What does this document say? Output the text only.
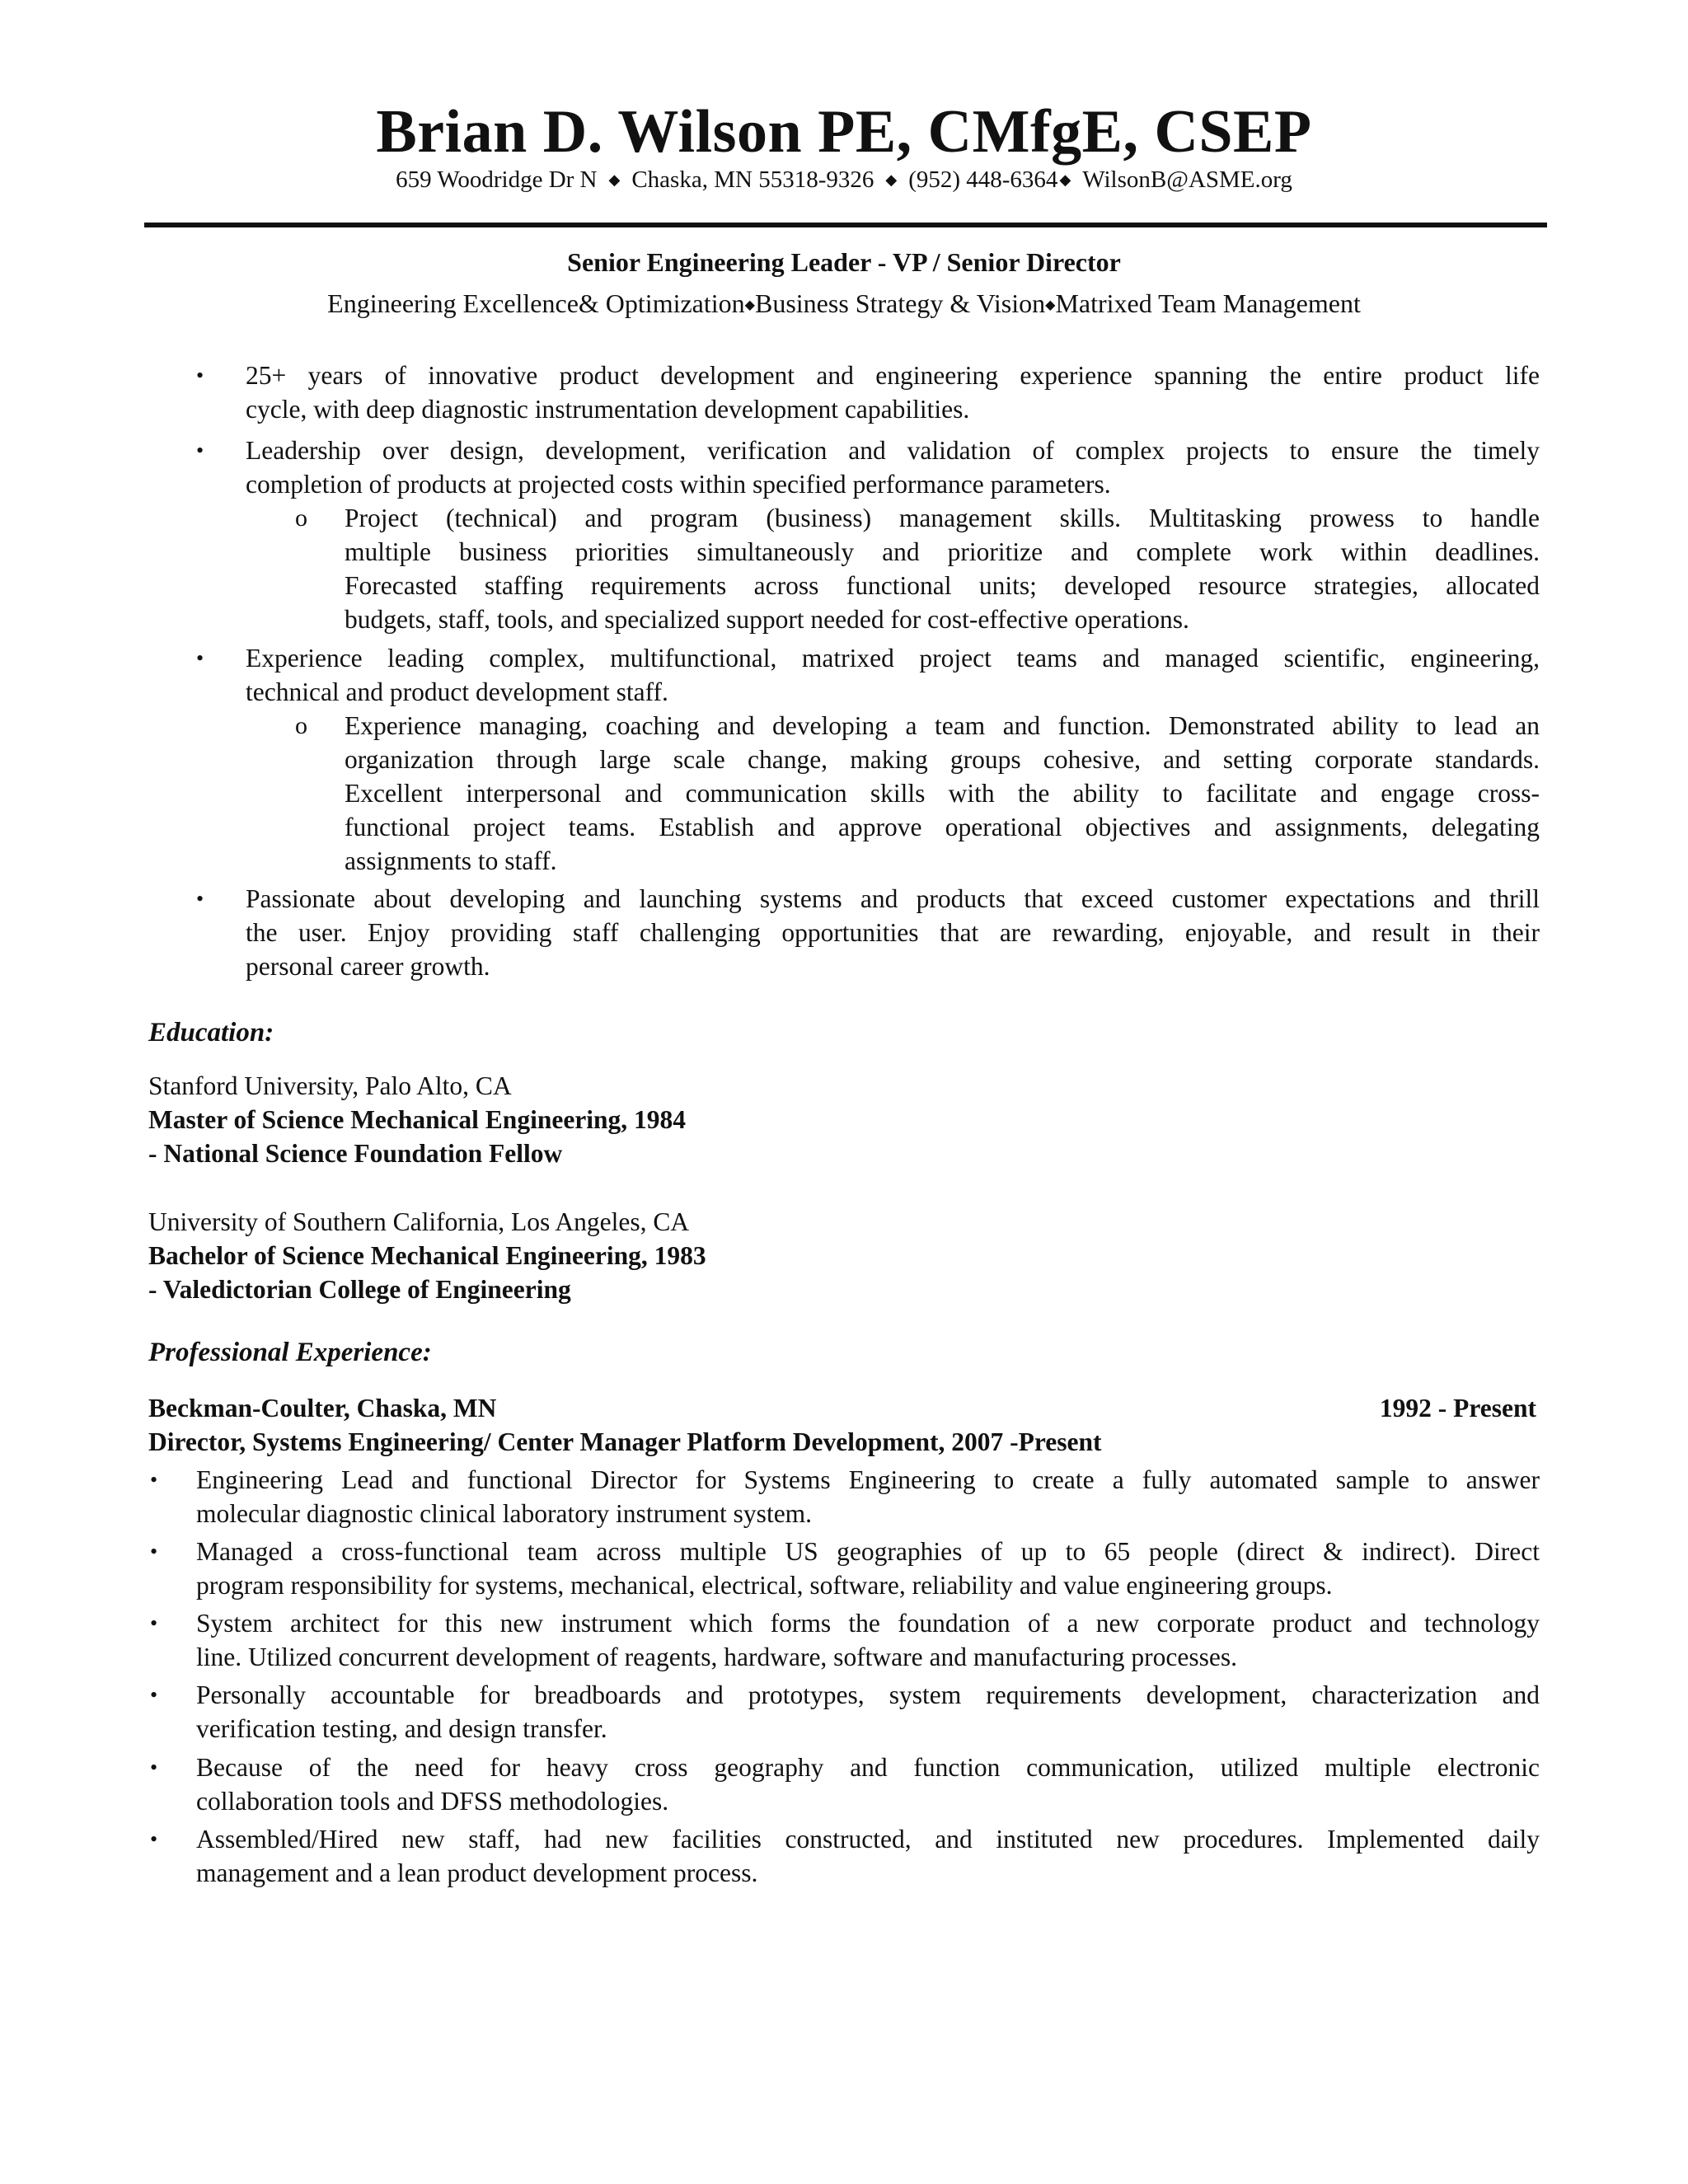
Brian D. Wilson PE, CMfgE, CSEP
659 Woodridge Dr N ◆ Chaska, MN 55318-9326 ◆ (952) 448-6364 ◆ WilsonB@ASME.org
Senior Engineering Leader - VP / Senior Director
Engineering Excellence& Optimization◆Business Strategy & Vision◆Matrixed Team Management
• 25+ years of innovative product development and engineering experience spanning the entire product life
cycle, with deep diagnostic instrumentation development capabilities.
• Leadership over design, development, verification and validation of complex projects to ensure the timely
completion of products at projected costs within specified performance parameters.
o Project (technical) and program (business) management skills. Multitasking prowess to handle
multiple business priorities simultaneously and prioritize and complete work within deadlines.
Forecasted staffing requirements across functional units; developed resource strategies, allocated
budgets, staff, tools, and specialized support needed for cost-effective operations.
• Experience leading complex, multifunctional, matrixed project teams and managed scientific, engineering,
technical and product development staff.
o Experience managing, coaching and developing a team and function. Demonstrated ability to lead an
organization through large scale change, making groups cohesive, and setting corporate standards.
Excellent interpersonal and communication skills with the ability to facilitate and engage cross-
functional project teams. Establish and approve operational objectives and assignments, delegating
assignments to staff.
• Passionate about developing and launching systems and products that exceed customer expectations and thrill
the user. Enjoy providing staff challenging opportunities that are rewarding, enjoyable, and result in their
personal career growth.
Education:
Stanford University, Palo Alto, CA
Master of Science Mechanical Engineering, 1984
- National Science Foundation Fellow
University of Southern California, Los Angeles, CA
Bachelor of Science Mechanical Engineering, 1983
- Valedictorian College of Engineering
Professional Experience:
Beckman-Coulter, Chaska, MN	1992 - Present
Director, Systems Engineering/ Center Manager Platform Development, 2007 -Present
• Engineering Lead and functional Director for Systems Engineering to create a fully automated sample to answer
molecular diagnostic clinical laboratory instrument system.
• Managed a cross-functional team across multiple US geographies of up to 65 people (direct & indirect). Direct
program responsibility for systems, mechanical, electrical, software, reliability and value engineering groups.
• System architect for this new instrument which forms the foundation of a new corporate product and technology
line. Utilized concurrent development of reagents, hardware, software and manufacturing processes.
• Personally accountable for breadboards and prototypes, system requirements development, characterization and
verification testing, and design transfer.
• Because of the need for heavy cross geography and function communication, utilized multiple electronic
collaboration tools and DFSS methodologies.
• Assembled/Hired new staff, had new facilities constructed, and instituted new procedures. Implemented daily
management and a lean product development process.
